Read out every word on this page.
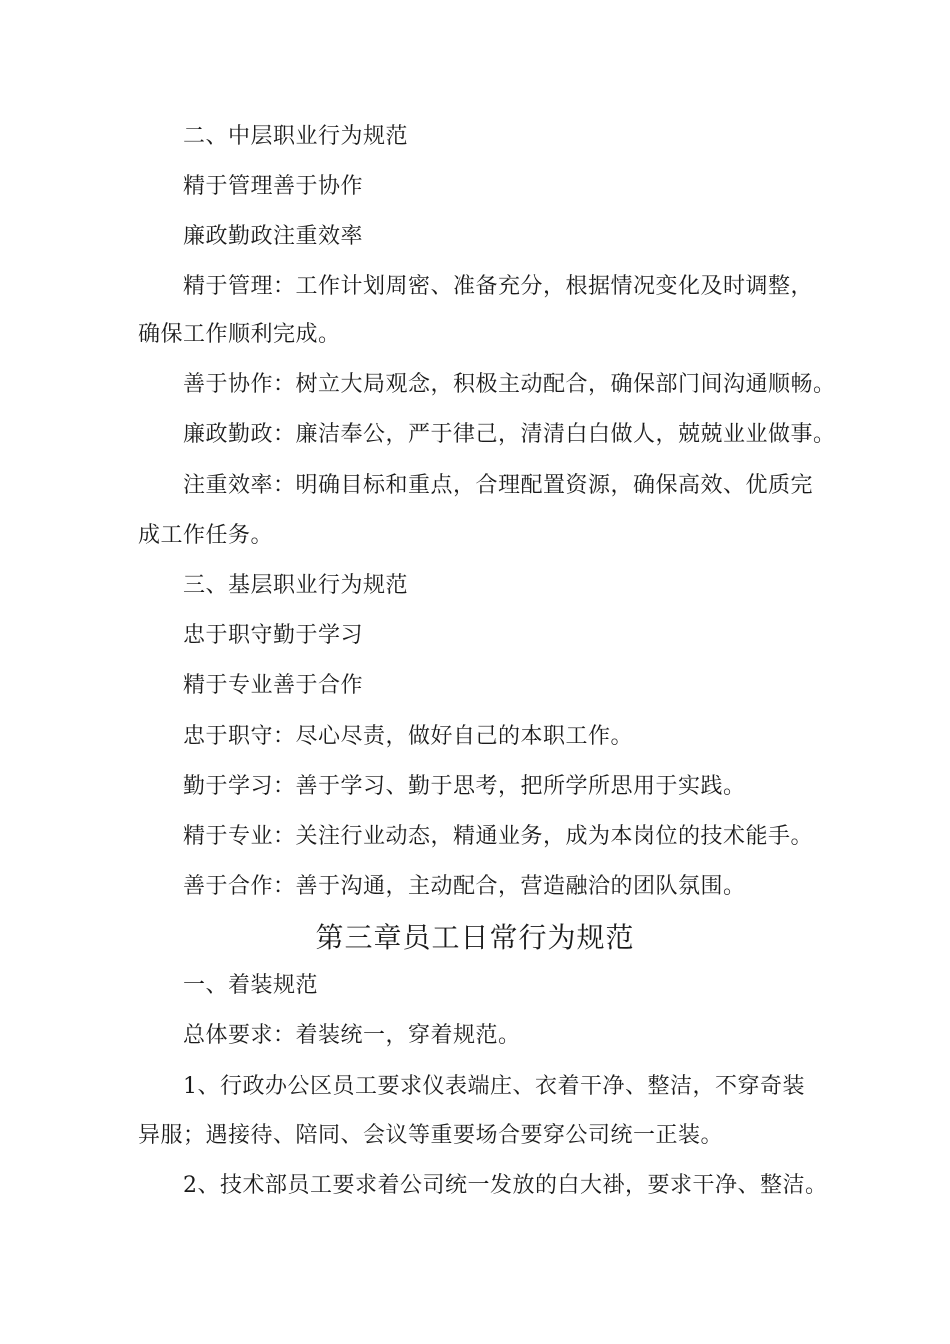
二、中层职业行为规范
精于管理善于协作
廉政勤政注重效率
精于管理：工作计划周密、准备充分，根据情况变化及时调整，
确保工作顺利完成。
善于协作：树立大局观念，积极主动配合，确保部门间沟通顺畅。
廉政勤政：廉洁奉公，严于律己，清清白白做人，兢兢业业做事。
注重效率：明确目标和重点，合理配置资源，确保高效、优质完
成工作任务。
三、基层职业行为规范
忠于职守勤于学习
精于专业善于合作
忠于职守：尽心尽责，做好自己的本职工作。
勤于学习：善于学习、勤于思考，把所学所思用于实践。
精于专业：关注行业动态，精通业务，成为本岗位的技术能手。
善于合作：善于沟通，主动配合，营造融洽的团队氛围。
第三章员工日常行为规范
一、着装规范
总体要求：着装统一，穿着规范。
1、行政办公区员工要求仪表端庄、衣着干净、整洁，不穿奇装
异服；遇接待、陪同、会议等重要场合要穿公司统一正装。
2、技术部员工要求着公司统一发放的白大褂，要求干净、整洁。
